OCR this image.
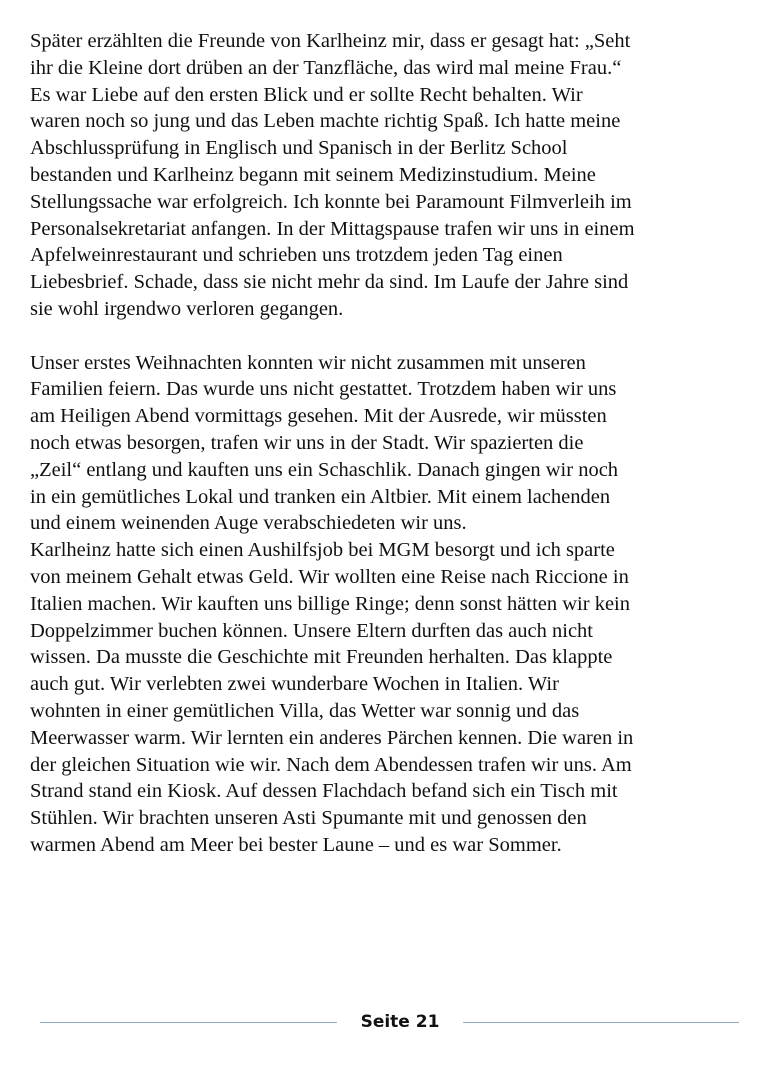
Später erzählten die Freunde von Karlheinz mir, dass er gesagt hat: „Seht
ihr die Kleine dort drüben an der Tanzfläche, das wird mal meine Frau.“
Es war Liebe auf den ersten Blick und er sollte Recht behalten. Wir
waren noch so jung und das Leben machte richtig Spaß. Ich hatte meine
Abschlussprüfung in Englisch und Spanisch in der Berlitz School
bestanden und Karlheinz begann mit seinem Medizinstudium. Meine
Stellungssache war erfolgreich. Ich konnte bei Paramount Filmverleih im
Personalsekretariat anfangen. In der Mittagspause trafen wir uns in einem
Apfelweinrestaurant und schrieben uns trotzdem jeden Tag einen
Liebesbrief. Schade, dass sie nicht mehr da sind. Im Laufe der Jahre sind
sie wohl irgendwo verloren gegangen.
Unser erstes Weihnachten konnten wir nicht zusammen mit unseren
Familien feiern. Das wurde uns nicht gestattet. Trotzdem haben wir uns
am Heiligen Abend vormittags gesehen. Mit der Ausrede, wir müssten
noch etwas besorgen, trafen wir uns in der Stadt. Wir spazierten die
„Zeil“ entlang und kauften uns ein Schaschlik. Danach gingen wir noch
in ein gemütliches Lokal und tranken ein Altbier. Mit einem lachenden
und einem weinenden Auge verabschiedeten wir uns.
Karlheinz hatte sich einen Aushilfsjob bei MGM besorgt und ich sparte
von meinem Gehalt etwas Geld. Wir wollten eine Reise nach Riccione in
Italien machen. Wir kauften uns billige Ringe; denn sonst hätten wir kein
Doppelzimmer buchen können. Unsere Eltern durften das auch nicht
wissen. Da musste die Geschichte mit Freunden herhalten. Das klappte
auch gut. Wir verlebten zwei wunderbare Wochen in Italien. Wir
wohnten in einer gemütlichen Villa, das Wetter war sonnig und das
Meerwasser warm. Wir lernten ein anderes Pärchen kennen. Die waren in
der gleichen Situation wie wir. Nach dem Abendessen trafen wir uns. Am
Strand stand ein Kiosk. Auf dessen Flachdach befand sich ein Tisch mit
Stühlen. Wir brachten unseren Asti Spumante mit und genossen den
warmen Abend am Meer bei bester Laune – und es war Sommer.
Seite 21
